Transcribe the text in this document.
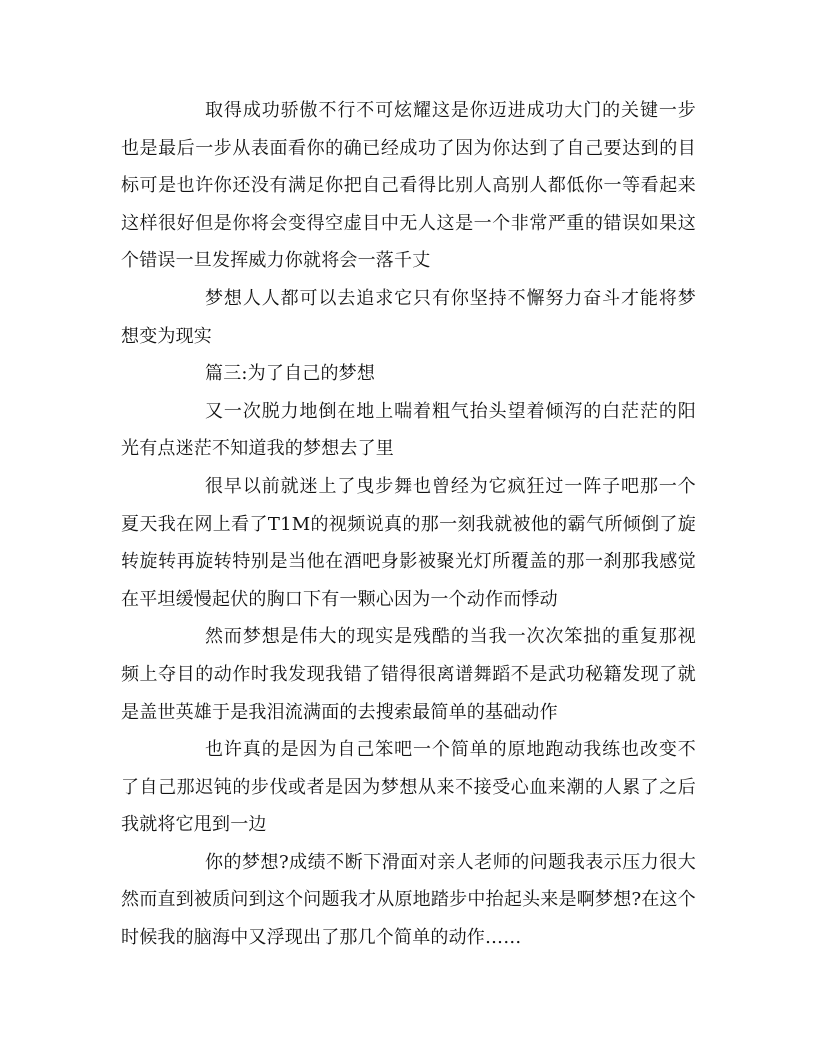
取得成功骄傲不行不可炫耀这是你迈进成功大门的关键一步也是最后一步从表面看你的确已经成功了因为你达到了自己要达到的目标可是也许你还没有满足你把自己看得比别人高别人都低你一等看起来这样很好但是你将会变得空虚目中无人这是一个非常严重的错误如果这个错误一旦发挥威力你就将会一落千丈

梦想人人都可以去追求它只有你坚持不懈努力奋斗才能将梦想变为现实

篇三:为了自己的梦想

又一次脱力地倒在地上喘着粗气抬头望着倾泻的白茫茫的阳光有点迷茫不知道我的梦想去了里

很早以前就迷上了曳步舞也曾经为它疯狂过一阵子吧那一个夏天我在网上看了T1M的视频说真的那一刻我就被他的霸气所倾倒了旋转旋转再旋转特别是当他在酒吧身影被聚光灯所覆盖的那一刹那我感觉在平坦缓慢起伏的胸口下有一颗心因为一个动作而悸动

然而梦想是伟大的现实是残酷的当我一次次笨拙的重复那视频上夺目的动作时我发现我错了错得很离谱舞蹈不是武功秘籍发现了就是盖世英雄于是我泪流满面的去搜索最简单的基础动作

也许真的是因为自己笨吧一个简单的原地跑动我练也改变不了自己那迟钝的步伐或者是因为梦想从来不接受心血来潮的人累了之后我就将它甩到一边

你的梦想?成绩不断下滑面对亲人老师的问题我表示压力很大然而直到被质问到这个问题我才从原地踏步中抬起头来是啊梦想?在这个时候我的脑海中又浮现出了那几个简单的动作……
